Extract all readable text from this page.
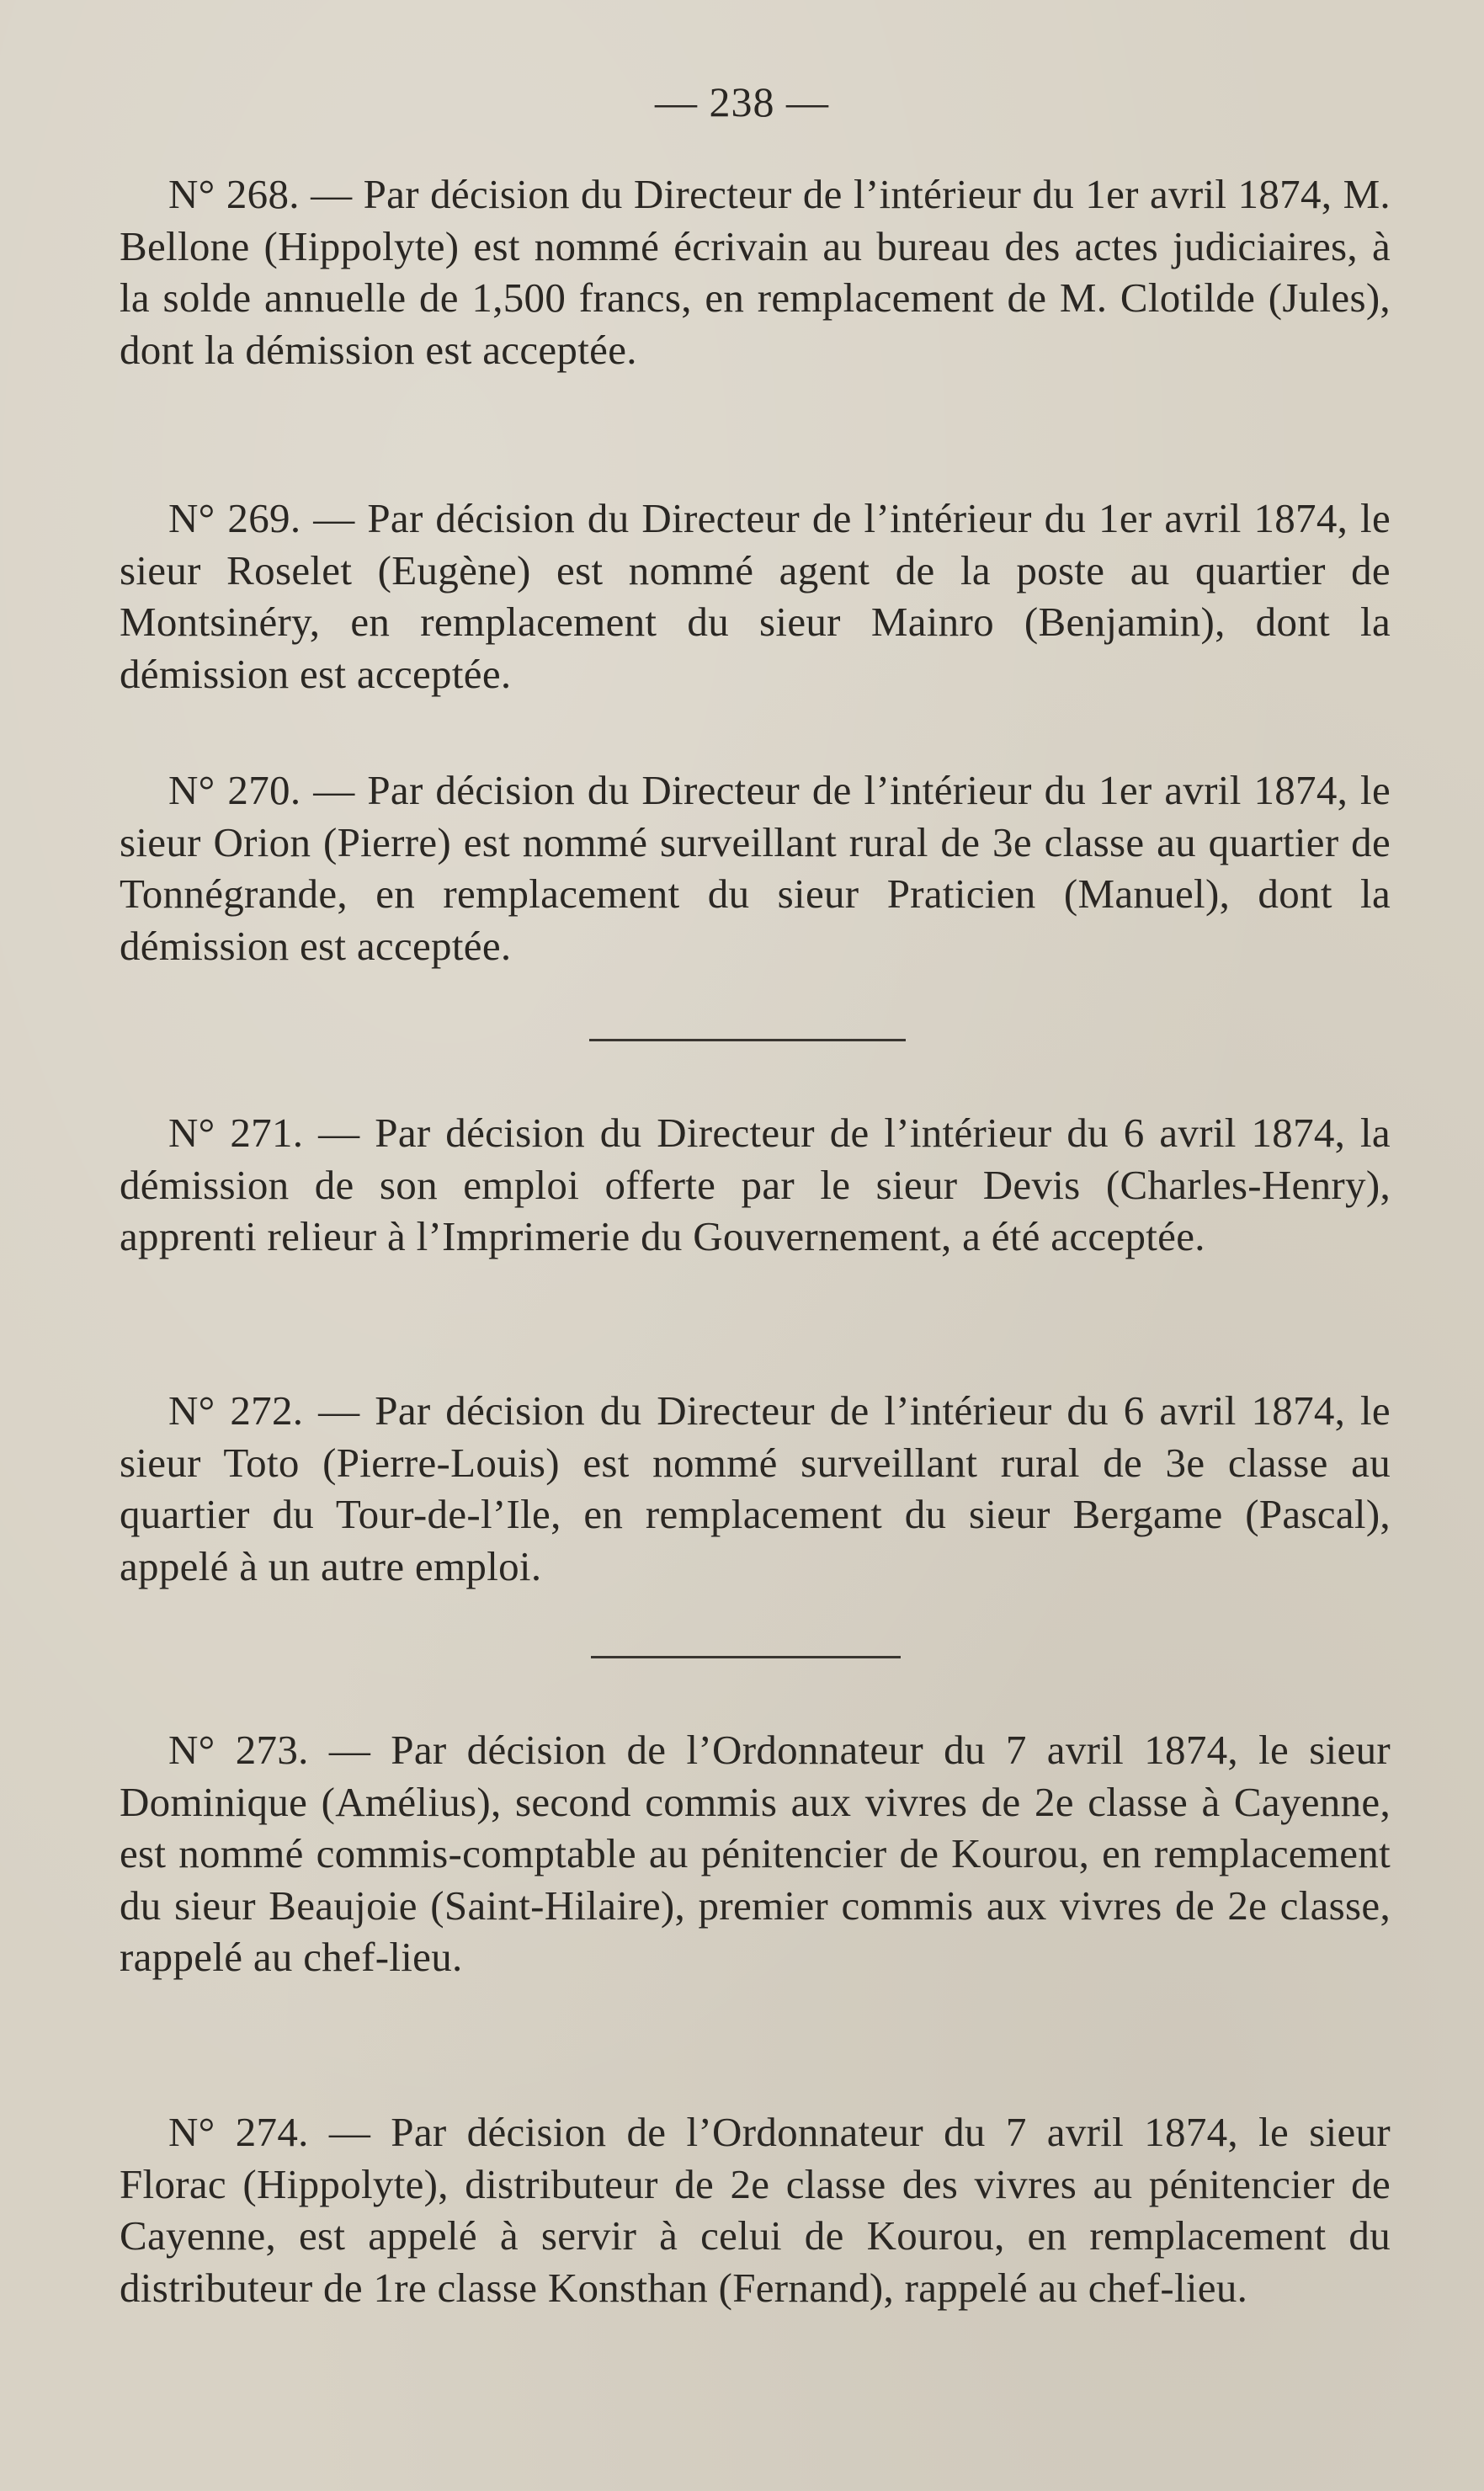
— 238 —

N° 268. — Par décision du Directeur de l’intérieur du 1er avril 1874, M. Bellone (Hippolyte) est nommé écrivain au bureau des actes judiciaires, à la solde annuelle de 1,500 francs, en remplacement de M. Clotilde (Jules), dont la démission est acceptée.

N° 269. — Par décision du Directeur de l’intérieur du 1er avril 1874, le sieur Roselet (Eugène) est nommé agent de la poste au quartier de Montsinéry, en remplacement du sieur Mainro (Benjamin), dont la démission est acceptée.

N° 270. — Par décision du Directeur de l’intérieur du 1er avril 1874, le sieur Orion (Pierre) est nommé surveillant rural de 3e classe au quartier de Tonnégrande, en remplacement du sieur Praticien (Manuel), dont la démission est acceptée.

N° 271. — Par décision du Directeur de l’intérieur du 6 avril 1874, la démission de son emploi offerte par le sieur Devis (Charles-Henry), apprenti relieur à l’Imprimerie du Gouvernement, a été acceptée.

N° 272. — Par décision du Directeur de l’intérieur du 6 avril 1874, le sieur Toto (Pierre-Louis) est nommé surveillant rural de 3e classe au quartier du Tour-de-l’Ile, en remplacement du sieur Bergame (Pascal), appelé à un autre emploi.

N° 273. — Par décision de l’Ordonnateur du 7 avril 1874, le sieur Dominique (Amélius), second commis aux vivres de 2e classe à Cayenne, est nommé commis-comptable au pénitencier de Kourou, en remplacement du sieur Beaujoie (Saint-Hilaire), premier commis aux vivres de 2e classe, rappelé au chef-lieu.

N° 274. — Par décision de l’Ordonnateur du 7 avril 1874, le sieur Florac (Hippolyte), distributeur de 2e classe des vivres au pénitencier de Cayenne, est appelé à servir à celui de Kourou, en remplacement du distributeur de 1re classe Konsthan (Fernand), rappelé au chef-lieu.
